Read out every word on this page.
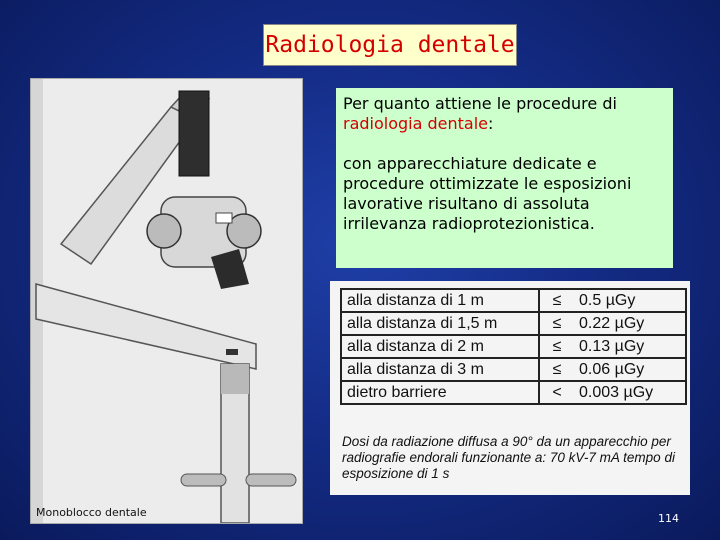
Radiologia dentale
Monoblocco dentale

Per quanto attiene le procedure di
radiologia dentale:

con apparecchiature dedicate e procedure ottimizzate le esposizioni lavorative risultano di assoluta irrilevanza radioprotezionistica.

alla distanza di 1 m	≤	0.5 µGy
alla distanza di 1,5 m	≤	0.22 µGy
alla distanza di 2 m	≤	0.13 µGy
alla distanza di 3 m	≤	0.06 µGy
dietro barriere	<	0.003 µGy
Dosi da radiazione diffusa a 90° da un apparecchio per radiografie endorali funzionante a: 70 kV-7 mA tempo di esposizione di 1 s
114
